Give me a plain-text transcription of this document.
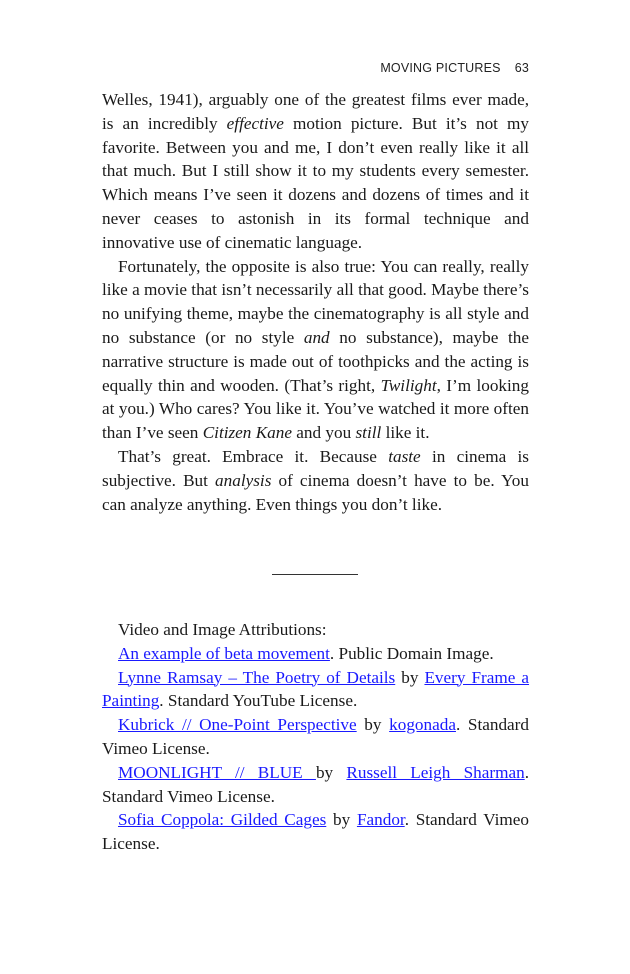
MOVING PICTURES 63

Welles, 1941), arguably one of the greatest films ever made, is an incredibly effective motion picture. But it’s not my favorite. Between you and me, I don’t even really like it all that much. But I still show it to my students every semester. Which means I’ve seen it dozens and dozens of times and it never ceases to astonish in its formal technique and innovative use of cinematic language.

Fortunately, the opposite is also true: You can really, really like a movie that isn’t necessarily all that good. Maybe there’s no unifying theme, maybe the cinematography is all style and no substance (or no style and no substance), maybe the narrative structure is made out of toothpicks and the acting is equally thin and wooden. (That’s right, Twilight, I’m looking at you.) Who cares? You like it. You’ve watched it more often than I’ve seen Citizen Kane and you still like it.

That’s great. Embrace it. Because taste in cinema is subjective. But analysis of cinema doesn’t have to be. You can analyze anything. Even things you don’t like.

Video and Image Attributions:

An example of beta movement. Public Domain Image.

Lynne Ramsay – The Poetry of Details by Every Frame a Painting. Standard YouTube License.

Kubrick // One-Point Perspective by kogonada. Standard Vimeo License.

MOONLIGHT // BLUE by Russell Leigh Sharman. Standard Vimeo License.

Sofia Coppola: Gilded Cages by Fandor. Standard Vimeo License.
